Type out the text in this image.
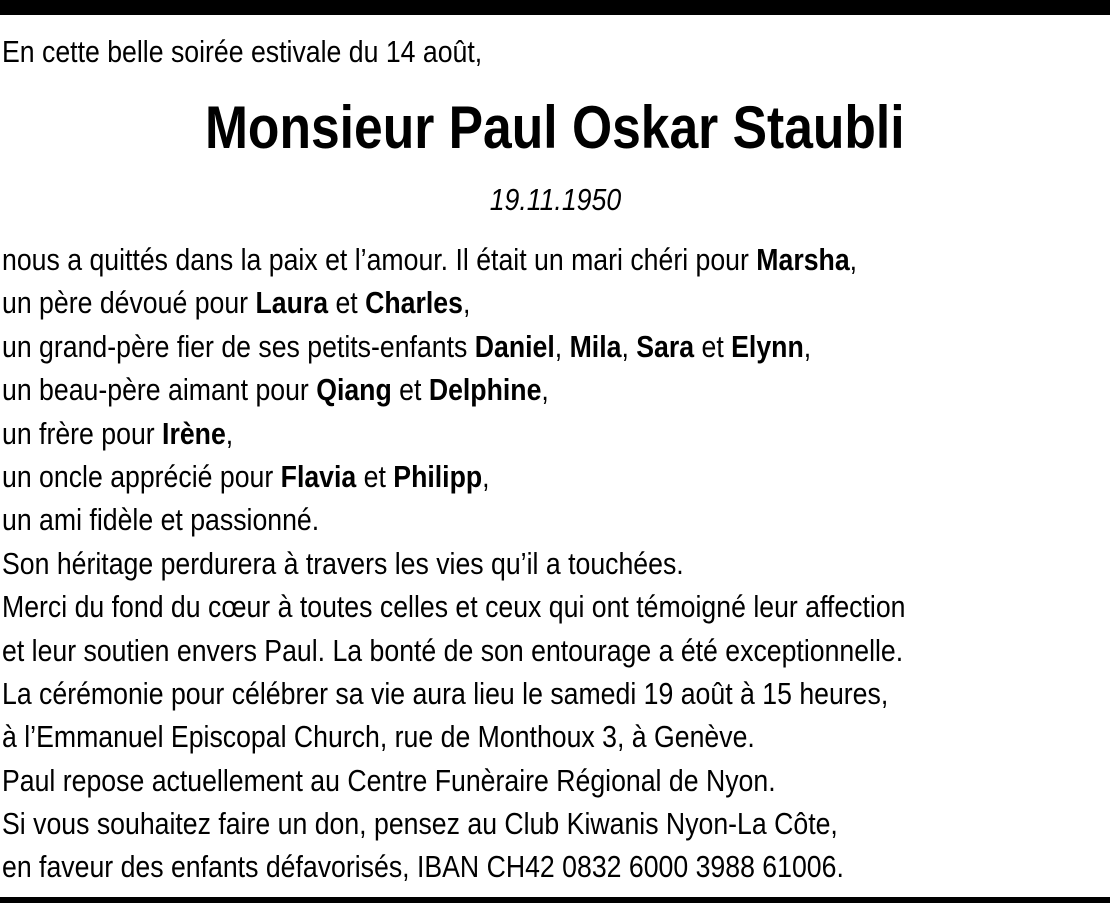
En cette belle soirée estivale du 14 août,
Monsieur Paul Oskar Staubli
19.11.1950
nous a quittés dans la paix et l’amour. Il était un mari chéri pour Marsha,
un père dévoué pour Laura et Charles,
un grand-père fier de ses petits-enfants Daniel, Mila, Sara et Elynn,
un beau-père aimant pour Qiang et Delphine,
un frère pour Irène,
un oncle apprécié pour Flavia et Philipp,
un ami fidèle et passionné.
Son héritage perdurera à travers les vies qu’il a touchées.
Merci du fond du cœur à toutes celles et ceux qui ont témoigné leur affection
et leur soutien envers Paul. La bonté de son entourage a été exceptionnelle.
La cérémonie pour célébrer sa vie aura lieu le samedi 19 août à 15 heures,
à l’Emmanuel Episcopal Church, rue de Monthoux 3, à Genève.
Paul repose actuellement au Centre Funèraire Régional de Nyon.
Si vous souhaitez faire un don, pensez au Club Kiwanis Nyon-La Côte,
en faveur des enfants défavorisés, IBAN CH42 0832 6000 3988 61006.
